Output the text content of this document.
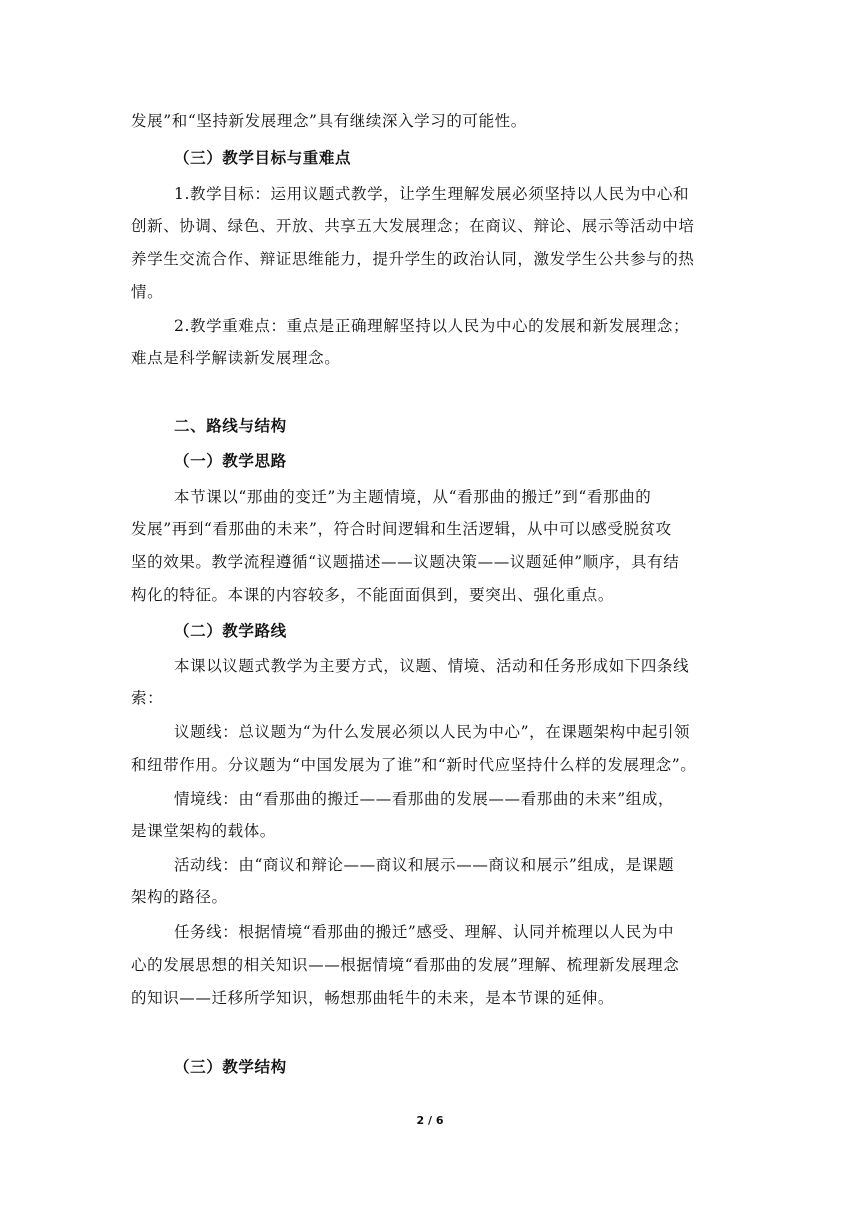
发展”和“坚持新发展理念”具有继续深入学习的可能性。
（三）教学目标与重难点
1.教学目标：运用议题式教学，让学生理解发展必须坚持以人民为中心和
创新、协调、绿色、开放、共享五大发展理念；在商议、辩论、展示等活动中培
养学生交流合作、辩证思维能力，提升学生的政治认同，激发学生公共参与的热
情。
2.教学重难点：重点是正确理解坚持以人民为中心的发展和新发展理念；
难点是科学解读新发展理念。
二、路线与结构
（一）教学思路
本节课以“那曲的变迁”为主题情境，从“看那曲的搬迁”到“看那曲的
发展”再到“看那曲的未来”，符合时间逻辑和生活逻辑，从中可以感受脱贫攻
坚的效果。教学流程遵循“议题描述——议题决策——议题延伸”顺序，具有结
构化的特征。本课的内容较多，不能面面俱到，要突出、强化重点。
（二）教学路线
本课以议题式教学为主要方式，议题、情境、活动和任务形成如下四条线
索：
议题线：总议题为“为什么发展必须以人民为中心”，在课题架构中起引领
和纽带作用。分议题为“中国发展为了谁”和“新时代应坚持什么样的发展理念”。
情境线：由“看那曲的搬迁——看那曲的发展——看那曲的未来”组成，
是课堂架构的载体。
活动线：由“商议和辩论——商议和展示——商议和展示”组成，是课题
架构的路径。
任务线：根据情境“看那曲的搬迁”感受、理解、认同并梳理以人民为中
心的发展思想的相关知识——根据情境“看那曲的发展”理解、梳理新发展理念
的知识——迁移所学知识，畅想那曲牦牛的未来，是本节课的延伸。
（三）教学结构
2 / 6
